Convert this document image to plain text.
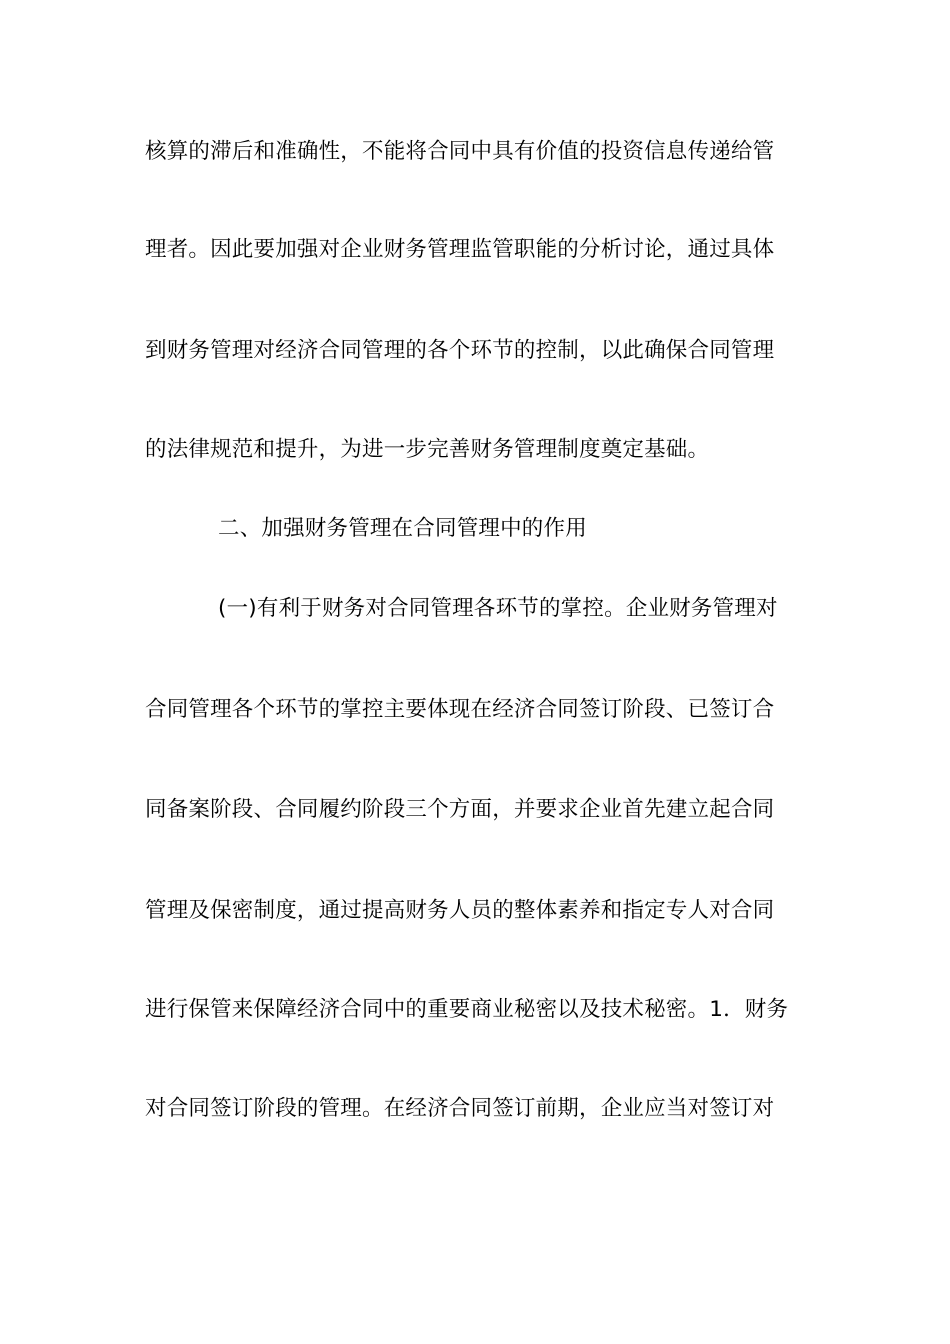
核算的滞后和准确性，不能将合同中具有价值的投资信息传递给管
理者。因此要加强对企业财务管理监管职能的分析讨论，通过具体
到财务管理对经济合同管理的各个环节的控制，以此确保合同管理
的法律规范和提升，为进一步完善财务管理制度奠定基础。
二、加强财务管理在合同管理中的作用
(一)有利于财务对合同管理各环节的掌控。企业财务管理对
合同管理各个环节的掌控主要体现在经济合同签订阶段、已签订合
同备案阶段、合同履约阶段三个方面，并要求企业首先建立起合同
管理及保密制度，通过提高财务人员的整体素养和指定专人对合同
进行保管来保障经济合同中的重要商业秘密以及技术秘密。1．财务
对合同签订阶段的管理。在经济合同签订前期，企业应当对签订对
